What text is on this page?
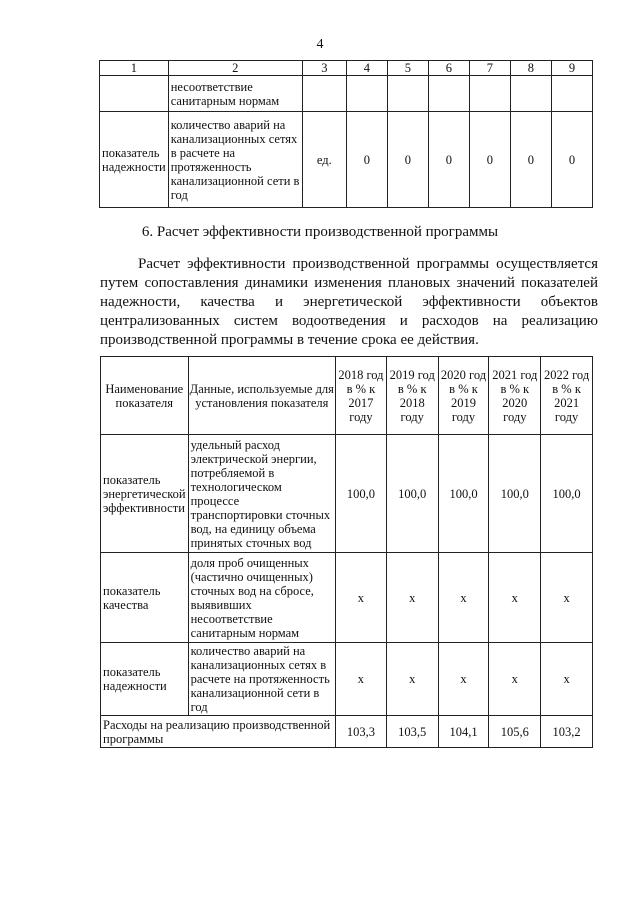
4
1	2	3	4	5	6	7	8	9
	несоответствие санитарным нормам							
показатель надежности	количество аварий на канализационных сетях в расчете на протяженность канализационной сети в год	ед.	0	0	0	0	0	0
6. Расчет эффективности производственной программы
Расчет эффективности производственной программы осуществляется путем сопоставления динамики изменения плановых значений показателей надежности, качества и энергетической эффективности объектов централизованных систем водоотведения и расходов на реализацию производственной программы в течение срока ее действия.
Наименование показателя	Данные, используемые для установления показателя	2018 год в % к 2017 году	2019 год в % к 2018 году	2020 год в % к 2019 году	2021 год в % к 2020 году	2022 год в % к 2021 году
показатель энергетической эффективности	удельный расход электрической энергии, потребляемой в технологическом процессе транспортировки сточных вод, на единицу объема принятых сточных вод	100,0	100,0	100,0	100,0	100,0
показатель качества	доля проб очищенных (частично очищенных) сточных вод на сбросе, выявивших несоответствие санитарным нормам	x	x	x	x	x
показатель надежности	количество аварий на канализационных сетях в расчете на протяженность канализационной сети в год	x	x	x	x	x
Расходы на реализацию производственной программы		103,3	103,5	104,1	105,6	103,2
